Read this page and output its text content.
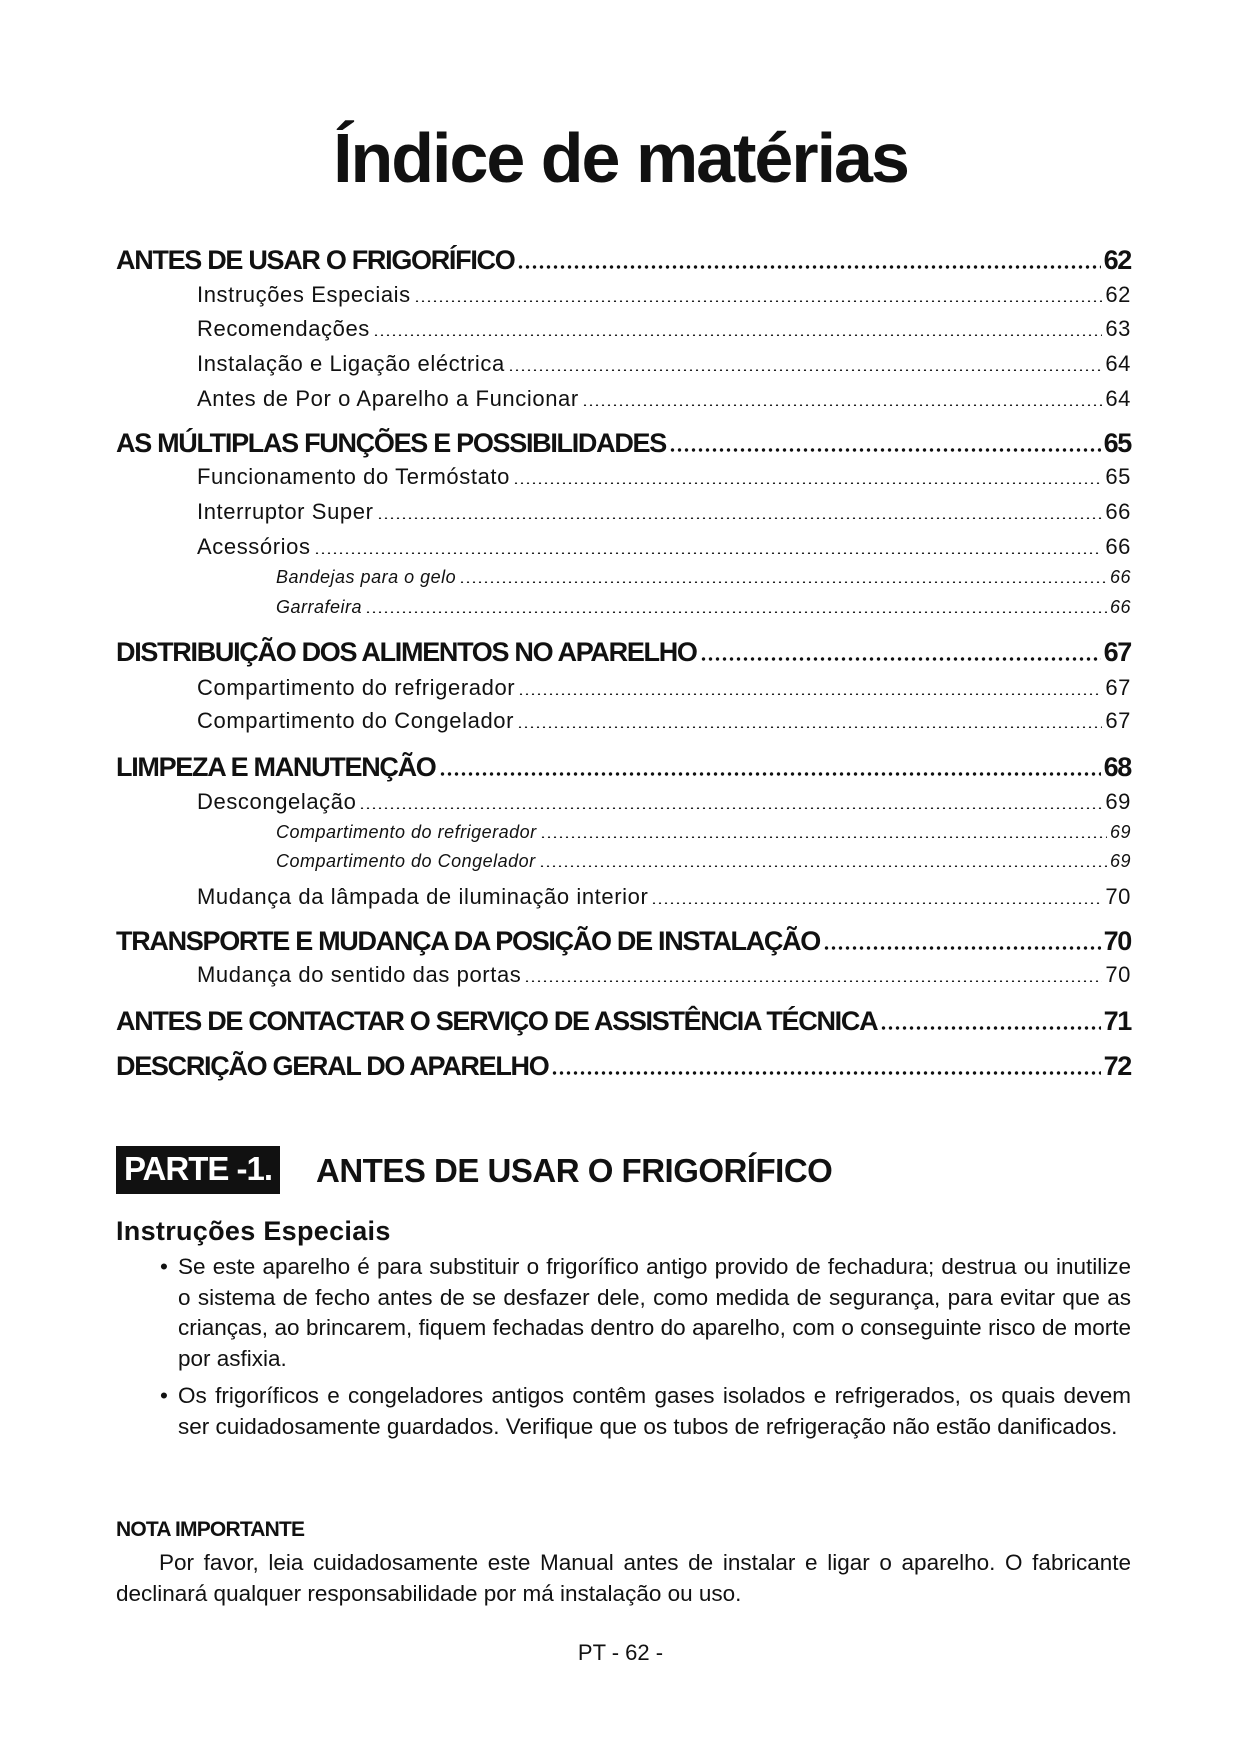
Índice de matérias
ANTES DE USAR O FRIGORÍFICO	62
Instruções Especiais	62
Recomendações	63
Instalação e Ligação eléctrica	64
Antes de Por o Aparelho a Funcionar	64
AS MÚLTIPLAS FUNÇÕES E POSSIBILIDADES	65
Funcionamento do Termóstato	65
Interruptor Super	66
Acessórios	66
Bandejas para o gelo	66
Garrafeira	66
DISTRIBUIÇÃO DOS ALIMENTOS NO APARELHO	67
Compartimento do refrigerador	67
Compartimento do Congelador	67
LIMPEZA E MANUTENÇÃO	68
Descongelação	69
Compartimento do refrigerador	69
Compartimento do Congelador	69
Mudança da lâmpada de iluminação interior	70
TRANSPORTE E MUDANÇA DA POSIÇÃO DE INSTALAÇÃO	70
Mudança do sentido das portas	70
ANTES DE CONTACTAR O SERVIÇO DE ASSISTÊNCIA TÉCNICA	71
DESCRIÇÃO GERAL DO APARELHO	72
PARTE -1. ANTES DE USAR O FRIGORÍFICO
Instruções Especiais
• Se este aparelho é para substituir o frigorífico antigo provido de fechadura; destrua ou inutilize o sistema de fecho antes de se desfazer dele, como medida de segurança, para evitar que as crianças, ao brincarem, fiquem fechadas dentro do aparelho, com o conseguinte risco de morte por asfixia.

• Os frigoríficos e congeladores antigos contêm gases isolados e refrigerados, os quais devem ser cuidadosamente guardados. Verifique que os tubos de refrigeração não estão danificados.

NOTA IMPORTANTE
Por favor, leia cuidadosamente este Manual antes de instalar e ligar o aparelho. O fabricante declinará qualquer responsabilidade por má instalação ou uso.
PT - 62 -
